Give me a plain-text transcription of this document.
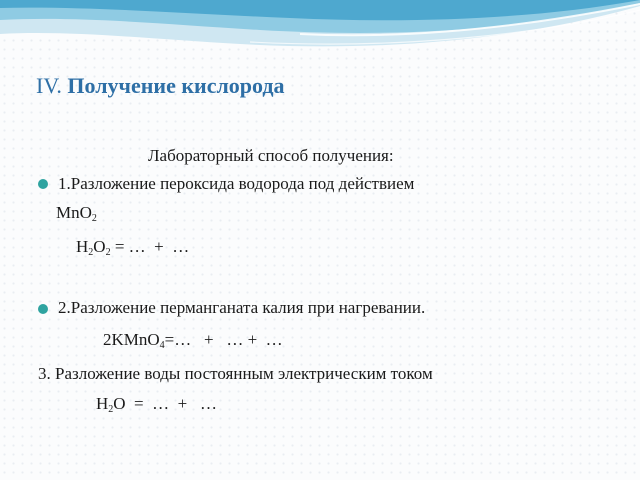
IV. Получение кислорода
Лабораторный способ получения:
1.Разложение пероксида водорода под действием
MnO$_2$
$H_2O_2$ = …  +  …
2.Разложение перманганата калия при нагревании.
2KMnO$_4$=…   +   … +  …
3. Разложение воды постоянным электрическим током
$H_2O$  =  …  +   …
